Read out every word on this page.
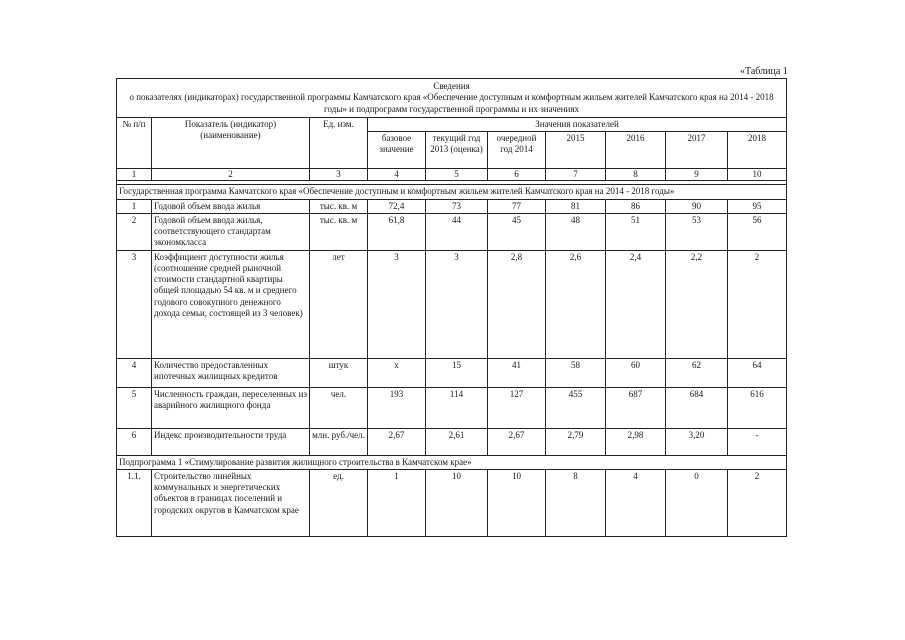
«Таблица 1
Сведения
о показателях (индикаторах) государственной программы Камчатского края «Обеспечение доступным и комфортным жильем жителей Камчатского края на 2014 - 2018 годы» и подпрограмм государственной программы и их значениях									

№ п/п	Показатель (индикатор) (наименование)	Ед. изм.	Значения показателей						
			базовое значение	текущий год 2013 (оценка)	очередной год 2014	2015	2016	2017	2018
1	2	3	4	5	6	7	8	9	10

Государственная программа Камчатского края «Обеспечение доступным и комфортным жильем жителей Камчатского края на 2014 - 2018 годы»									
1	Годовой объем ввода жилья	тыс. кв. м	72,4	73	77	81	86	90	95
2	Годовой объем ввода жилья, соответствующего стандартам экономкласса	тыс. кв. м	61,8	44	45	48	51	53	56
3	Коэффициент доступности жилья (соотношение средней рыночной стоимости стандартной квартиры общей площадью 54 кв. м и среднего годового совокупного денежного дохода семьи, состоящей из 3 человек)	лет	3	3	2,8	2,6	2,4	2,2	2
4	Количество предоставленных ипотечных жилищных кредитов	штук	x	15	41	58	60	62	64
5	Численность граждан, переселенных из аварийного жилищного фонда	чел.	193	114	127	455	687	684	616
6	Индекс производительности труда	млн. руб./чел.	2,67	2,61	2,67	2,79	2,98	3,20	-
Подпрограмма 1 «Стимулирование развития жилищного строительства в Камчатском крае»									
1.1.	Строительство линейных коммунальных и энергетических объектов в границах поселений и городских округов в Камчатском крае	ед.	1	10	10	8	4	0	2
